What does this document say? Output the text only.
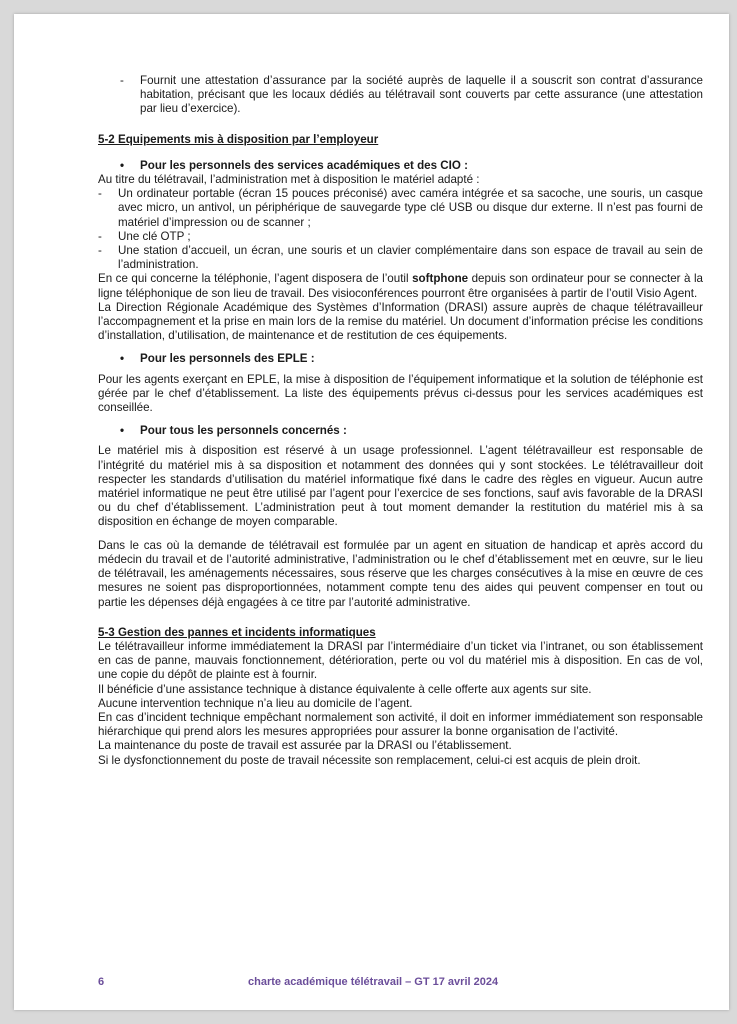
-	Fournit une attestation d’assurance par la société auprès de laquelle il a souscrit son contrat d’assurance habitation, précisant que les locaux dédiés au télétravail sont couverts par cette assurance (une attestation par lieu d’exercice).

5-2 Equipements mis à disposition par l’employeur

•	Pour les personnels des services académiques et des CIO :

Au titre du télétravail, l’administration met à disposition le matériel adapté :

-	Un ordinateur portable (écran 15 pouces préconisé) avec caméra intégrée et sa sacoche, une souris, un casque avec micro, un antivol, un périphérique de sauvegarde type clé USB ou disque dur externe. Il n’est pas fourni de matériel d’impression ou de scanner ;
-	Une clé OTP ;
-	Une station d’accueil, un écran, une souris et un clavier complémentaire dans son espace de travail au sein de l’administration.

En ce qui concerne la téléphonie, l’agent disposera de l’outil softphone depuis son ordinateur pour se connecter à la ligne téléphonique de son lieu de travail. Des visioconférences pourront être organisées à partir de l’outil Visio Agent.

La Direction Régionale Académique des Systèmes d’Information (DRASI) assure auprès de chaque télétravailleur l’accompagnement et la prise en main lors de la remise du matériel. Un document d’information précise les conditions d’installation, d’utilisation, de maintenance et de restitution de ces équipements.

•	Pour les personnels des EPLE :

Pour les agents exerçant en EPLE, la mise à disposition de l’équipement informatique et la solution de téléphonie est gérée par le chef d’établissement. La liste des équipements prévus ci-dessus pour les services académiques est conseillée.

•	Pour tous les personnels concernés :

Le matériel mis à disposition est réservé à un usage professionnel. L’agent télétravailleur est responsable de l’intégrité du matériel mis à sa disposition et notamment des données qui y sont stockées. Le télétravailleur doit respecter les standards d’utilisation du matériel informatique fixé dans le cadre des règles en vigueur. Aucun autre matériel informatique ne peut être utilisé par l’agent pour l’exercice de ses fonctions, sauf avis favorable de la DRASI ou du chef d’établissement. L’administration peut à tout moment demander la restitution du matériel mis à sa disposition en échange de moyen comparable.

Dans le cas où la demande de télétravail est formulée par un agent en situation de handicap et après accord du médecin du travail et de l’autorité administrative, l’administration ou le chef d’établissement met en œuvre, sur le lieu de télétravail, les aménagements nécessaires, sous réserve que les charges consécutives à la mise en œuvre de ces mesures ne soient pas disproportionnées, notamment compte tenu des aides qui peuvent compenser en tout ou partie les dépenses déjà engagées à ce titre par l’autorité administrative.

5-3 Gestion des pannes et incidents informatiques

Le télétravailleur informe immédiatement la DRASI par l’intermédiaire d’un ticket via l’intranet, ou son établissement en cas de panne, mauvais fonctionnement, détérioration, perte ou vol du matériel mis à disposition. En cas de vol, une copie du dépôt de plainte est à fournir.

Il bénéficie d’une assistance technique à distance équivalente à celle offerte aux agents sur site.

Aucune intervention technique n’a lieu au domicile de l’agent.

En cas d’incident technique empêchant normalement son activité, il doit en informer immédiatement son responsable hiérarchique qui prend alors les mesures appropriées pour assurer la bonne organisation de l’activité.

La maintenance du poste de travail est assurée par la DRASI ou l’établissement.

Si le dysfonctionnement du poste de travail nécessite son remplacement, celui-ci est acquis de plein droit.

6	charte académique télétravail – GT 17 avril 2024
